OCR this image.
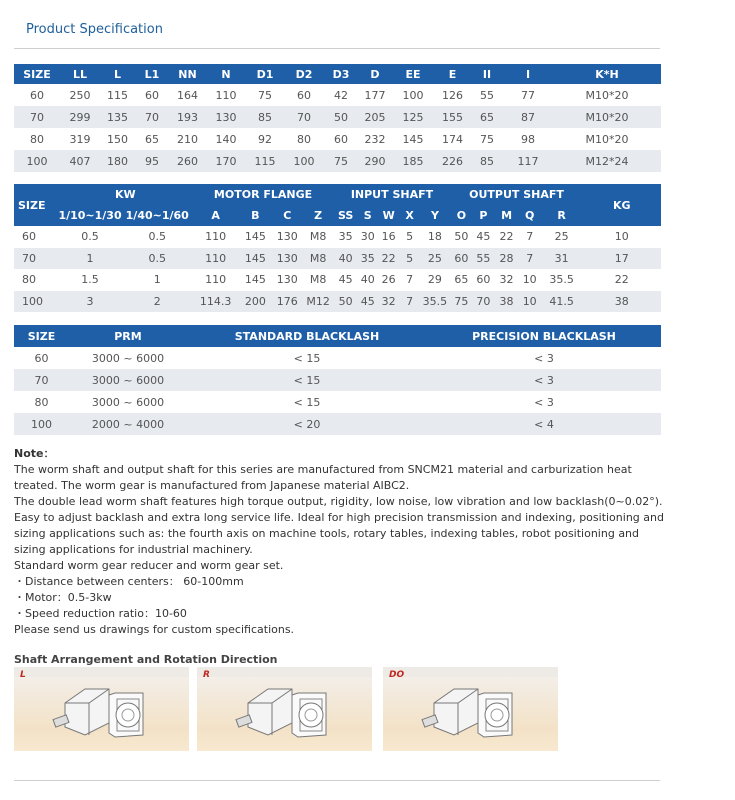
Product Specification
SIZE	LL	L	L1	NN	N	D1	D2	D3	D	EE	E	II	I	K*H
60	250	115	60	164	110	75	60	42	177	100	126	55	77	M10*20
70	299	135	70	193	130	85	70	50	205	125	155	65	87	M10*20
80	319	150	65	210	140	92	80	60	232	145	174	75	98	M10*20
100	407	180	95	260	170	115	100	75	290	185	226	85	117	M12*24
SIZE	KW		MOTOR FLANGE				INPUT SHAFT					OUTPUT SHAFT					KG
	1/10~1/30	1/40~1/60	A	B	C	Z	SS	S	W	X	Y	O	P	M	Q	R	
60	0.5	0.5	110	145	130	M8	35	30	16	5	18	50	45	22	7	25	10
70	1	0.5	110	145	130	M8	40	35	22	5	25	60	55	28	7	31	17
80	1.5	1	110	145	130	M8	45	40	26	7	29	65	60	32	10	35.5	22
100	3	2	114.3	200	176	M12	50	45	32	7	35.5	75	70	38	10	41.5	38
SIZE	PRM	STANDARD BLACKLASH	PRECISION BLACKLASH
60	3000 ~ 6000	< 15	< 3
70	3000 ~ 6000	< 15	< 3
80	3000 ~ 6000	< 15	< 3
100	2000 ~ 4000	< 20	< 4

Note：

The worm shaft and output shaft for this series are manufactured from SNCM21 material and carburization heat treated. The worm gear is manufactured from Japanese material AIBC2.

The double lead worm shaft features high torque output, rigidity, low noise, low vibration and low backlash(0~0.02°). Easy to adjust backlash and extra long service life. Ideal for high precision transmission and indexing, positioning and sizing applications such as: the fourth axis on machine tools, rotary tables, indexing tables, robot positioning and sizing applications for industrial machinery.

Standard worm gear reducer and worm gear set.

・Distance between centers： 60-100mm

・Motor：0.5-3kw

・Speed reduction ratio：10-60

Please send us drawings for custom specifications.

Shaft Arrangement and Rotation Direction
L	R	DO
